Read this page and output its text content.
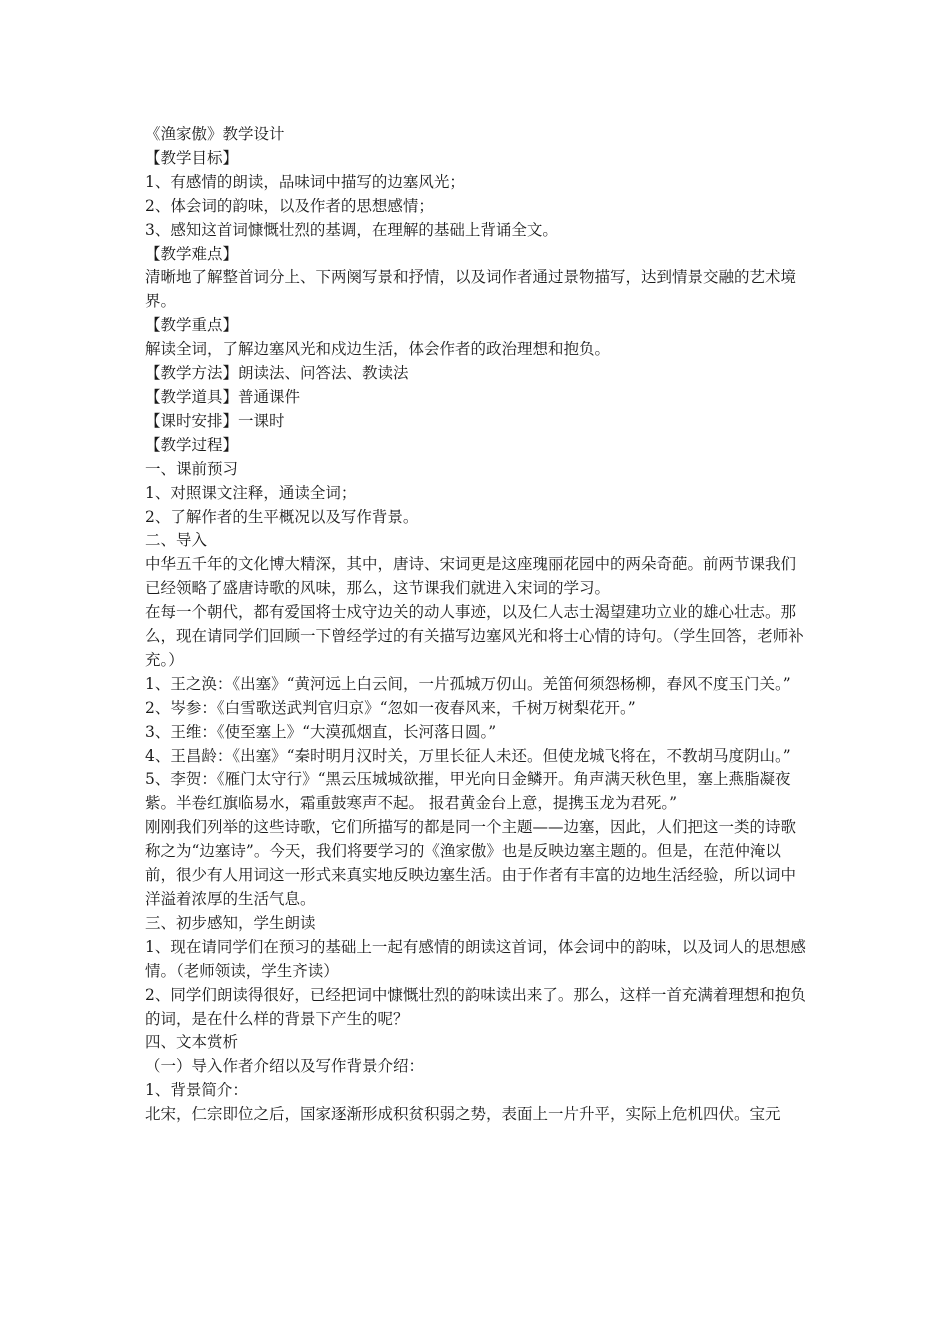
《渔家傲》教学设计

【教学目标】

1、有感情的朗读，品味词中描写的边塞风光；

2、体会词的韵味，以及作者的思想感情；

3、感知这首词慷慨壮烈的基调，在理解的基础上背诵全文。

【教学难点】

清晰地了解整首词分上、下两阕写景和抒情，以及词作者通过景物描写，达到情景交融的艺术境界。

【教学重点】

解读全词，了解边塞风光和戍边生活，体会作者的政治理想和抱负。

【教学方法】朗读法、问答法、教读法

【教学道具】普通课件

【课时安排】一课时

【教学过程】

一、课前预习

1、对照课文注释，通读全词；

2、了解作者的生平概况以及写作背景。

二、导入

中华五千年的文化博大精深，其中，唐诗、宋词更是这座瑰丽花园中的两朵奇葩。前两节课我们已经领略了盛唐诗歌的风味，那么，这节课我们就进入宋词的学习。

在每一个朝代，都有爱国将士戍守边关的动人事迹，以及仁人志士渴望建功立业的雄心壮志。那么，现在请同学们回顾一下曾经学过的有关描写边塞风光和将士心情的诗句。（学生回答，老师补充。）

1、王之涣：《出塞》“黄河远上白云间，一片孤城万仞山。羌笛何须怨杨柳，春风不度玉门关。”

2、岑参：《白雪歌送武判官归京》“忽如一夜春风来，千树万树梨花开。”

3、王维：《使至塞上》“大漠孤烟直，长河落日圆。”

4、王昌龄：《出塞》“秦时明月汉时关，万里长征人未还。但使龙城飞将在，不教胡马度阴山。”

5、李贺：《雁门太守行》“黑云压城城欲摧，甲光向日金鳞开。角声满天秋色里，塞上燕脂凝夜紫。半卷红旗临易水，霜重鼓寒声不起。 报君黄金台上意，提携玉龙为君死。”

刚刚我们列举的这些诗歌，它们所描写的都是同一个主题——边塞，因此，人们把这一类的诗歌称之为“边塞诗”。今天，我们将要学习的《渔家傲》也是反映边塞主题的。但是，在范仲淹以前，很少有人用词这一形式来真实地反映边塞生活。由于作者有丰富的边地生活经验，所以词中洋溢着浓厚的生活气息。

三、初步感知，学生朗读

1、现在请同学们在预习的基础上一起有感情的朗读这首词，体会词中的韵味，以及词人的思想感情。（老师领读，学生齐读）

2、同学们朗读得很好，已经把词中慷慨壮烈的韵味读出来了。那么，这样一首充满着理想和抱负的词，是在什么样的背景下产生的呢？

四、文本赏析

（一）导入作者介绍以及写作背景介绍：

1、背景简介：

北宋，仁宗即位之后，国家逐渐形成积贫积弱之势，表面上一片升平，实际上危机四伏。宝元
